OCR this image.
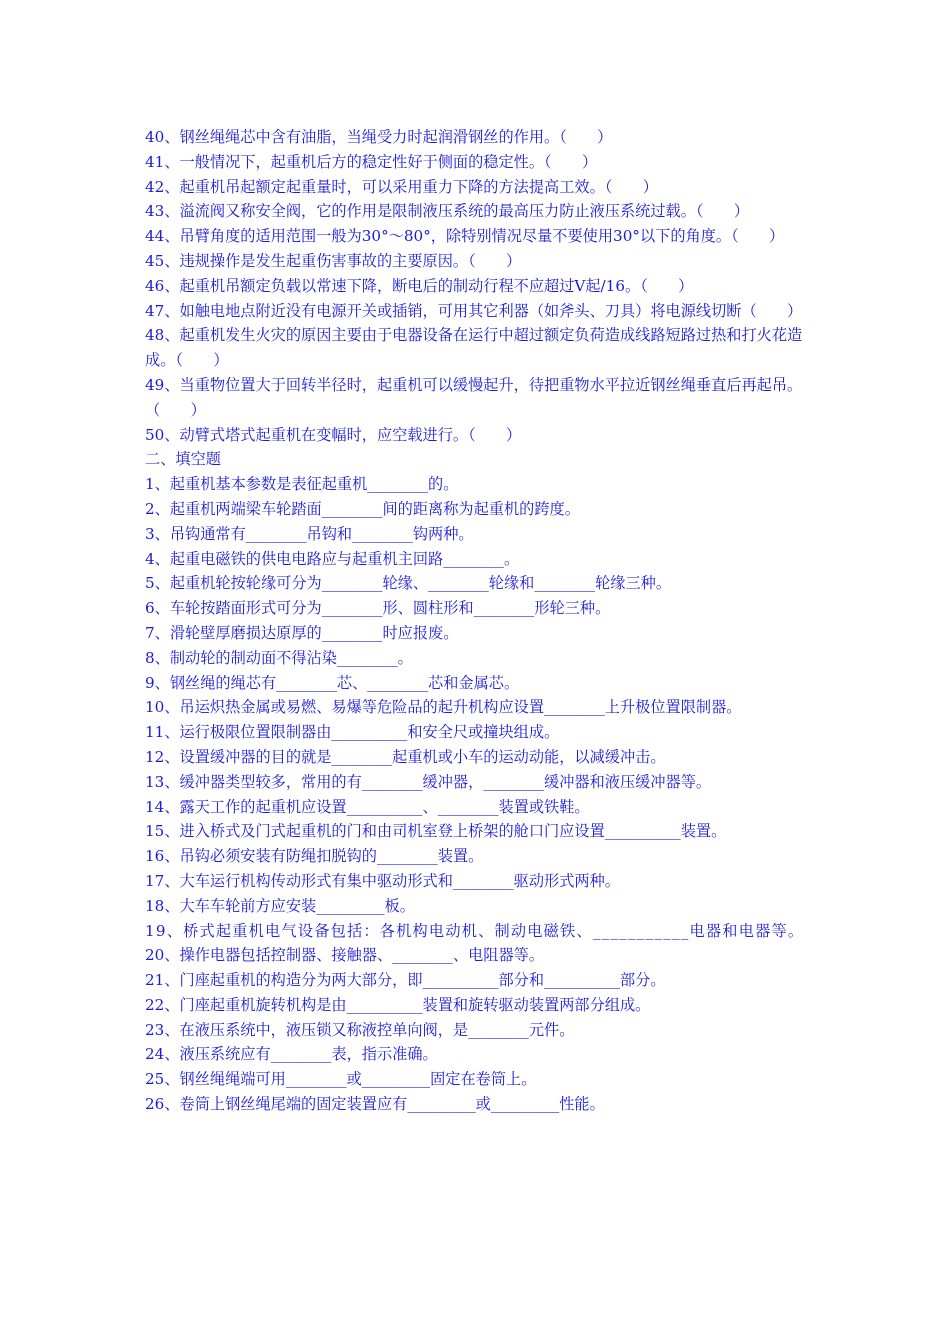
40、钢丝绳绳芯中含有油脂，当绳受力时起润滑钢丝的作用。（　　）

41、一般情况下，起重机后方的稳定性好于侧面的稳定性。（　　）

42、起重机吊起额定起重量时，可以采用重力下降的方法提高工效。（　　）

43、溢流阀又称安全阀，它的作用是限制液压系统的最高压力防止液压系统过载。（　　）

44、吊臂角度的适用范围一般为30°～80°，除特别情况尽量不要使用30°以下的角度。（　　）

45、违规操作是发生起重伤害事故的主要原因。（　　）

46、起重机吊额定负载以常速下降，断电后的制动行程不应超过V起/16。（　　）

47、如触电地点附近没有电源开关或插销，可用其它利器（如斧头、刀具）将电源线切断（　　）

48、起重机发生火灾的原因主要由于电器设备在运行中超过额定负荷造成线路短路过热和打火花造成。（　　）

49、当重物位置大于回转半径时，起重机可以缓慢起升，待把重物水平拉近钢丝绳垂直后再起吊。（　　）

50、动臂式塔式起重机在变幅时，应空载进行。（　　）

二、填空题

1、起重机基本参数是表征起重机________的。

2、起重机两端梁车轮踏面________间的距离称为起重机的跨度。

3、吊钩通常有________吊钩和________钩两种。

4、起重电磁铁的供电电路应与起重机主回路________。

5、起重机轮按轮缘可分为________轮缘、________轮缘和________轮缘三种。

6、车轮按踏面形式可分为________形、圆柱形和________形轮三种。

7、滑轮壁厚磨损达原厚的________时应报废。

8、制动轮的制动面不得沾染________。

9、钢丝绳的绳芯有________芯、________芯和金属芯。

10、吊运炽热金属或易燃、易爆等危险品的起升机构应设置________上升极位置限制器。

11、运行极限位置限制器由__________和安全尺或撞块组成。

12、设置缓冲器的目的就是________起重机或小车的运动动能，以减缓冲击。

13、缓冲器类型较多，常用的有________缓冲器，________缓冲器和液压缓冲器等。

14、露天工作的起重机应设置__________、________装置或铁鞋。

15、进入桥式及门式起重机的门和由司机室登上桥架的舱口门应设置__________装置。

16、吊钩必须安装有防绳扣脱钩的________装置。

17、大车运行机构传动形式有集中驱动形式和________驱动形式两种。

18、大车车轮前方应安装_________板。

19、桥式起重机电气设备包括：各机构电动机、制动电磁铁、___________电器和电器等。

20、操作电器包括控制器、接触器、________、电阻器等。

21、门座起重机的构造分为两大部分，即__________部分和__________部分。

22、门座起重机旋转机构是由__________装置和旋转驱动装置两部分组成。

23、在液压系统中，液压锁又称液控单向阀，是________元件。

24、液压系统应有________表，指示准确。

25、钢丝绳绳端可用________或_________固定在卷筒上。

26、卷筒上钢丝绳尾端的固定装置应有_________或_________性能。
